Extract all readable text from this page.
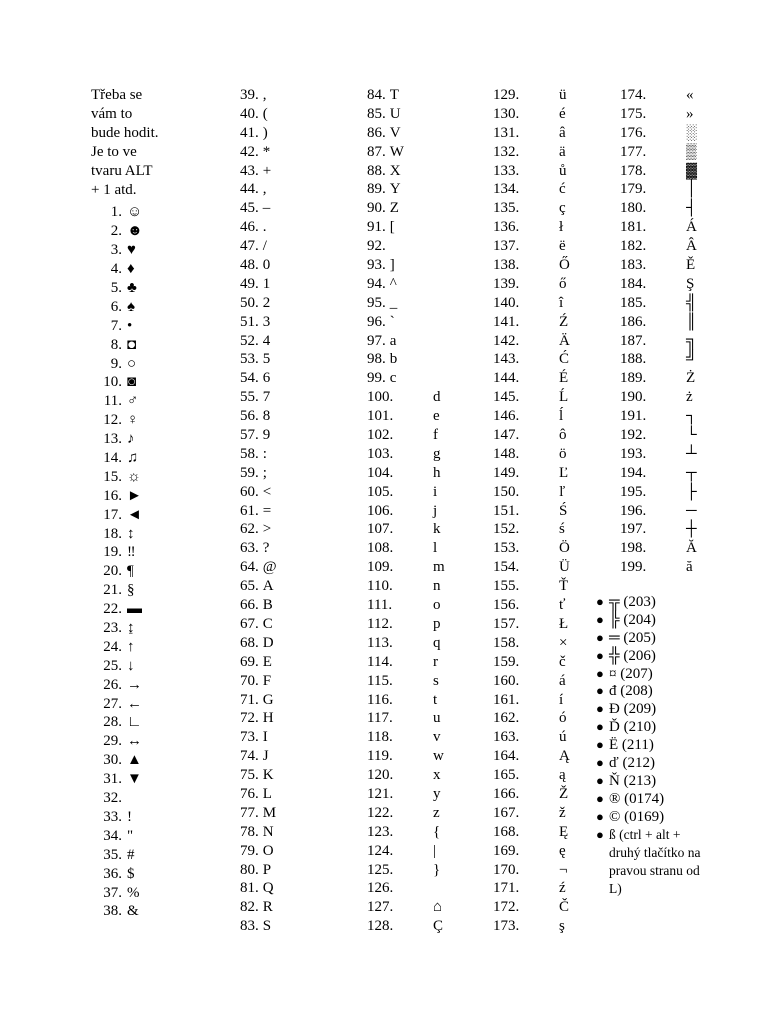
Třeba se
vám to
bude hodit.
Je to ve
tvaru ALT
+ 1 atd.
1. ☺
2. ☻
3. ♥
4. ♦
5. ♣
6. ♠
7. •
8. ◘
9. ○
10. ◙
11. ♂
12. ♀
13. ♪
14. ♫
15. ☼
16. ►
17. ◄
18. ↕
19. ‼
20. ¶
21. §
22. ▬
23. ↨
24. ↑
25. ↓
26. →
27. ←
28. ∟
29. ↔
30. ▲
31. ▼
32.
33. !
34. "
35. #
36. $
37. %
38. &
39. ,
40. (
41. )
42. *
43. +
44. ,
45. –
46. .
47. /
48. 0
49. 1
50. 2
51. 3
52. 4
53. 5
54. 6
55. 7
56. 8
57. 9
58. :
59. ;
60. <
61. =
62. >
63. ?
64. @
65. A
66. B
67. C
68. D
69. E
70. F
71. G
72. H
73. I
74. J
75. K
76. L
77. M
78. N
79. O
80. P
81. Q
82. R
83. S
84. T
85. U
86. V
87. W
88. X
89. Y
90. Z
91. [
92.
93. ]
94. ^
95. _
96. `
97. a
98. b
99. c
100.	d
101.	e
102.	f
103.	g
104.	h
105.	i
106.	j
107.	k
108.	l
109.	m
110.	n
111.	o
112.	p
113.	q
114.	r
115.	s
116.	t
117.	u
118.	v
119.	w
120.	x
121.	y
122.	z
123.	{
124.	|
125.	}
126.
127.	⌂
128.	Ç
129.	ü
130.	é
131.	â
132.	ä
133.	ů
134.	ć
135.	ç
136.	ł
137.	ë
138.	Ő
139.	ő
140.	î
141.	Ź
142.	Ä
143.	Ć
144.	É
145.	Ĺ
146.	ĺ
147.	ô
148.	ö
149.	Ľ
150.	ľ
151.	Ś
152.	ś
153.	Ö
154.	Ü
155.	Ť
156.	ť
157.	Ł
158.	×
159.	č
160.	á
161.	í
162.	ó
163.	ú
164.	Ą
165.	ą
166.	Ž
167.	ž
168.	Ę
169.	ę
170.	¬
171.	ź
172.	Č
173.	ş
174.	«
175.	»
176.	░
177.	▒
178.	▓
179.	│
180.	┤
181.	Á
182.	Â
183.	Ě
184.	Ş
185.	╣
186.	║
187.	╗
188.	╝
189.	Ż
190.	ż
191.	┐
192.	└
193.	┴
194.	┬
195.	├
196.	─
197.	┼
198.	Ă
199.	ă
● ╦ (203)
● ╠ (204)
● ═ (205)
● ╬ (206)
● ¤ (207)
● đ (208)
● Đ (209)
● Ď (210)
● Ë (211)
● ď (212)
● Ň (213)
● ® (0174)
● © (0169)
● ß (ctrl + alt + druhý tlačítko na pravou stranu od L)
